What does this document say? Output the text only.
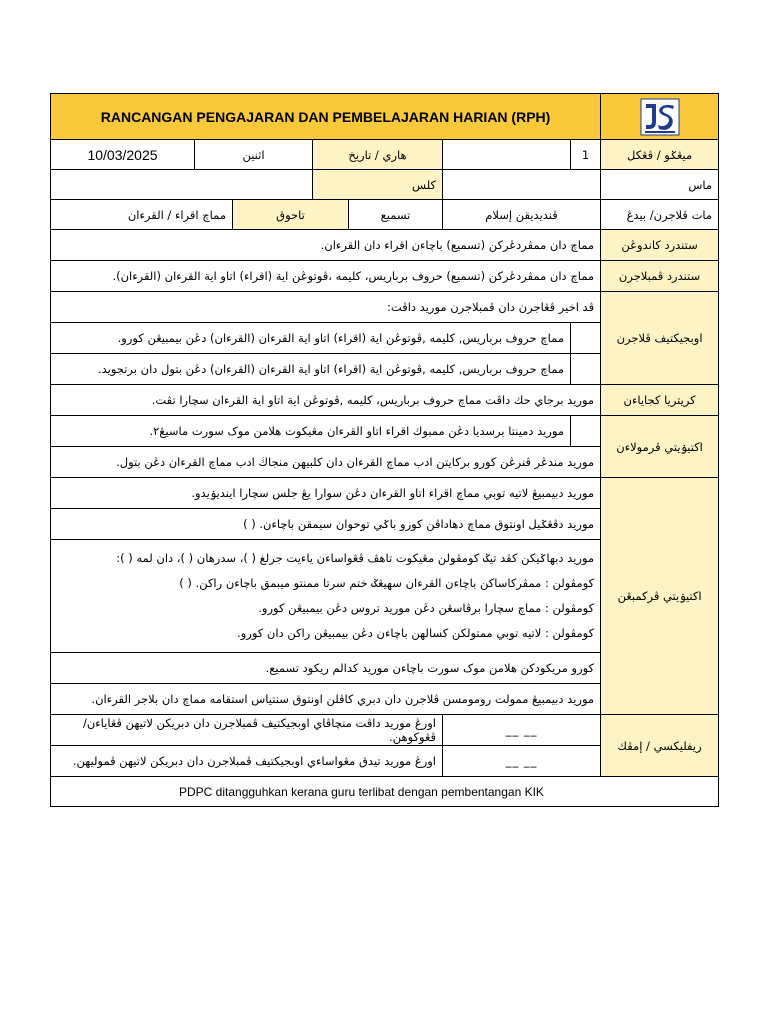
RANCANGAN PENGAJARAN DAN PEMBELAJARAN HARIAN (RPH)	

10/03/2025	اثنين		هاري / تاريخ			1	ميڠݢو / ڤڠكل	
			كلس				ماس	
مماچ اقراء / القرءان		تاحوق		تسميع	ڤنديديقن إسلام		مات ڤلاجرن/ بيدڠ	
مماچ دان ممڤردڠركن (تسميع) باچاءن اقراء دان القرءان.							ستندرد كاندوڠن	
مماچ دان ممڤردڠركن (تسميع) حروف برباريس، كليمه ،ڤوتوڠن اية (اقراء) اتاو اية القرءان (القرءان).							ستندرد ڤمبلاجرن	
ڤد اخير ڤڠاجرن دان ڤمبلاجرن موريد داڤت:							اوبجيكتيف ڤلاجرن	
مماچ حروف برباريس, كليمه ,ڤوتوڠن اية (اقراء) اتاو اية القرءان (القرءان) دڠن بيمبيڠن كورو.								
مماچ حروف برباريس, كليمه ,ڤوتوڠن اية (اقراء) اتاو اية القرءان (القرءان) دڠن بتول دان برتجويد.								
موريد برجاي حك داڤت مماچ حروف برباريس، كليمه ,ڤوتوڠن اية اتاو اية القرءان سچارا تڤت.							كريتريا كجاياءن	
موريد دمينتا برسديا دڠن ممبوك اقراء اتاو القرءان مڠيكوت هلامن موک سورت ماسيڠ٢.							اكتيۏيتي ڤرمولاءن	
موريد مندڠر ڤنرڠن كورو بركايتن ادب مماچ القرءان دان كلبيهن منجاڬ ادب مماچ القرءان دڠن بتول.								
موريد دبيمبيڠ لاتيه توبي مماچ اقراء اتاو القرءان دڠن سوارا يڠ جلس سچارا اينديۏيدو.							اكتيۏيتي ڤركمبڠن	
موريد دڤڠݢيل اونتوق مماچ دهاداڤن كورو باݢي توحوان سيمقن باچاءن. ( )								

موريد دبهاݢيكن كڤد تيݢ كومڤولن مڠيكوت تاهڤ ڤڠواساءن ياءيت جرلغ ( )، سدرهان ( )، دان لمه ( ):
كومڤولن : ممڤركاساكن باچاءن القرءان سهيڠݢ ختم سرتا ممنتو ميبمق باچاءن راكن. ( )
كومڤولن : مماچ سچارا برڤاسڠن دڠن موريد تروس دڠن بيمبيڠن كورو.
كومڤولن : لاتيه توبي ممتولكن كسالهن باچاءن دڠن بيمبيڠن راكن دان كورو.								

كورو مريكودكن هلامن موک سورت باچاءن موريد كدالم ريكود تسميع.								
موريد دبيمبيڠ ممولت رومومسن ڤلاجرن دان دبري كاڤلن اونتوق سنتياس استقامه مماچ دان بلاجر القرءان.	
اورڠ موريد داڤت منچاڤاي اوبجيكتيف ڤمبلاجرن دان دبريكن لاتيهن ڤڠاياءن/ڤڠوكوهن.					__ __		ريفليكسي / إمڤك	
اورڠ موريد تيدق مڠواساءي اوبجيكتيف ڤمبلاجرن دان دبريكن لاتيهن ڤموليهن.					__ __			
PDPC ditangguhkan kerana guru terlibat dengan pembentangan KIK								
